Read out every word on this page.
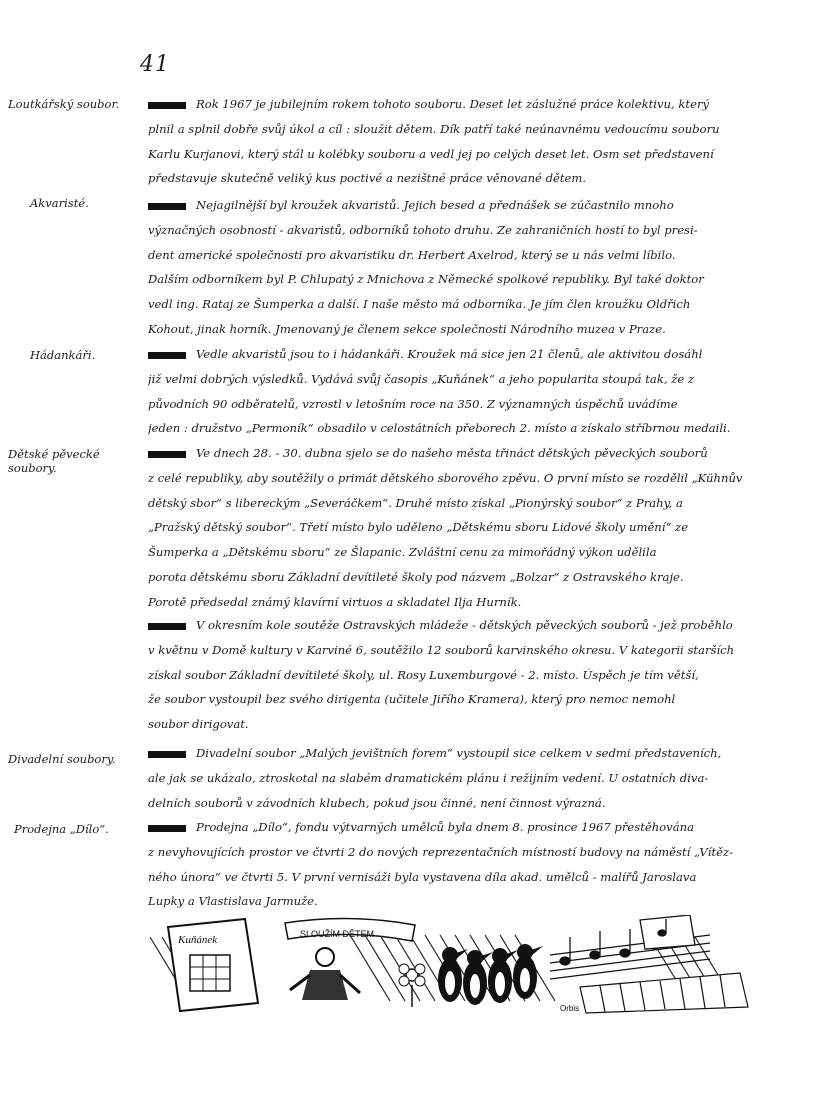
41
Loutkářský soubor.	Rok 1967 je jubilejním rokem tohoto souboru. Deset let záslužné práce kolektivu, který
plnil a splnil dobře svůj úkol a cíl : sloužit dětem. Dík patří také neúnavnému vedoucímu souboru
Karlu Kurjanovi, který stál u kolébky souboru a vedl jej po celých deset let. Osm set představení
představuje skutečně veliký kus poctivé a nezištné práce věnované dětem.
Akvaristé.	Nejagilnější byl kroužek akvaristů. Jejich besed a přednášek se zúčastnilo mnoho
význačných osobností - akvaristů, odborníků tohoto druhu. Ze zahraničních hostí to byl presi-
dent americké společnosti pro akvaristiku dr. Herbert Axelrod, který se u nás velmi líbilo.
Dalším odborníkem byl P. Chlupatý z Mnichova z Německé spolkové republiky. Byl také doktor
vedl ing. Rataj ze Šumperka a další. I naše město má odborníka. Je jím člen kroužku Oldřich
Kohout, jinak horník. Jmenovaný je členem sekce společnosti Národního muzea v Praze.
Hádankáři.	Vedle akvaristů jsou to i hádankáři. Kroužek má sice jen 21 členů, ale aktivitou dosáhl
již velmi dobrých výsledků. Vydává svůj časopis „Kuňánek“ a jeho popularita stoupá tak, že z
původních 90 odběratelů, vzrostl v letošním roce na 350. Z významných úspěchů uvádíme
jeden : družstvo „Permoník“ obsadilo v celostátních přeborech 2. místo a získalo stříbrnou medaili.
Dětské pěvecké soubory.
Ve dnech 28. - 30. dubna sjelo se do našeho města třináct dětských pěveckých souborů
z celé republiky, aby soutěžily o primát dětského sborového zpěvu. O první místo se rozdělil „Kühnův
dětský sbor“ s libereckým „Severáčkem“. Druhé místo získal „Pionýrský soubor“ z Prahy, a
„Pražský dětský soubor“. Třetí místo bylo uděleno „Dětskému sboru Lidové školy umění“ ze
Šumperka a „Dětskému sboru“ ze Šlapanic. Zvláštní cenu za mimořádný výkon udělila
porota dětskému sboru Základní devítileté školy pod názvem „Bolzar“ z Ostravského kraje.
Porotě předsedal známý klavírní virtuos a skladatel Ilja Hurník.
V okresním kole soutěže Ostravských mládeže - dětských pěveckých souborů - jež proběhlo
v květnu v Domě kultury v Karviné 6, soutěžilo 12 souborů karvinského okresu. V kategorii starších
získal soubor Základní devítileté školy, ul. Rosy Luxemburgové - 2. místo. Úspěch je tím větší,
že soubor vystoupil bez svého dirigenta (učitele Jiřího Kramera), který pro nemoc nemohl
soubor dirigovat.
Divadelní soubory.	Divadelní soubor „Malých jevištních forem“ vystoupil sice celkem v sedmi představeních,
ale jak se ukázalo, ztroskotal na slabém dramatickém plánu i režijním vedení. U ostatních diva-
delních souborů v závodních klubech, pokud jsou činné, není činnost výrazná.
Prodejna „Dílo“.	Prodejna „Dílo“, fondu výtvarných umělců byla dnem 8. prosince 1967 přestěhována
z nevyhovujících prostor ve čtvrti 2 do nových reprezentačních místností budovy na náměstí „Vítěz-
ného února“ ve čtvrti 5. V první vernisáži byla vystavena díla akad. umělců - malířů Jaroslava
Lupky a Vlastislava Jarmuže.
Kuňánek	SLOUŽÍM DĚTEM
Orbis
